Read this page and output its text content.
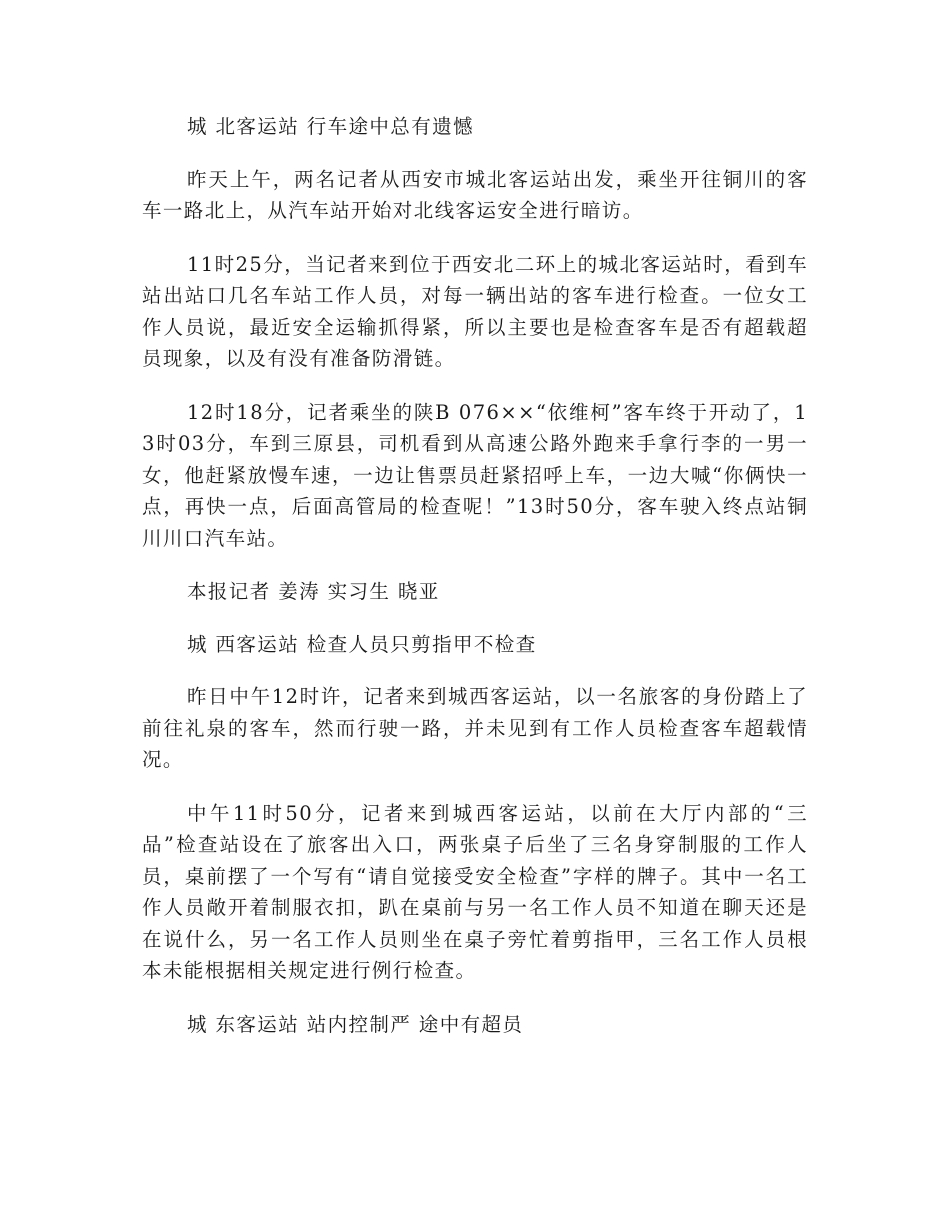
城 北客运站 行车途中总有遗憾

昨天上午，两名记者从西安市城北客运站出发，乘坐开往铜川的客车一路北上，从汽车站开始对北线客运安全进行暗访。

11时25分，当记者来到位于西安北二环上的城北客运站时，看到车站出站口几名车站工作人员，对每一辆出站的客车进行检查。一位女工作人员说，最近安全运输抓得紧，所以主要也是检查客车是否有超载超员现象，以及有没有准备防滑链。

12时18分，记者乘坐的陕B 076××“依维柯”客车终于开动了，13时03分，车到三原县，司机看到从高速公路外跑来手拿行李的一男一女，他赶紧放慢车速，一边让售票员赶紧招呼上车，一边大喊“你俩快一点，再快一点，后面高管局的检查呢！”13时50分，客车驶入终点站铜川川口汽车站。

本报记者 姜涛 实习生 晓亚

城 西客运站 检查人员只剪指甲不检查

昨日中午12时许，记者来到城西客运站，以一名旅客的身份踏上了前往礼泉的客车，然而行驶一路，并未见到有工作人员检查客车超载情况。

中午11时50分，记者来到城西客运站，以前在大厅内部的“三品”检查站设在了旅客出入口，两张桌子后坐了三名身穿制服的工作人员，桌前摆了一个写有“请自觉接受安全检查”字样的牌子。其中一名工作人员敞开着制服衣扣，趴在桌前与另一名工作人员不知道在聊天还是在说什么，另一名工作人员则坐在桌子旁忙着剪指甲，三名工作人员根本未能根据相关规定进行例行检查。

城 东客运站 站内控制严 途中有超员
